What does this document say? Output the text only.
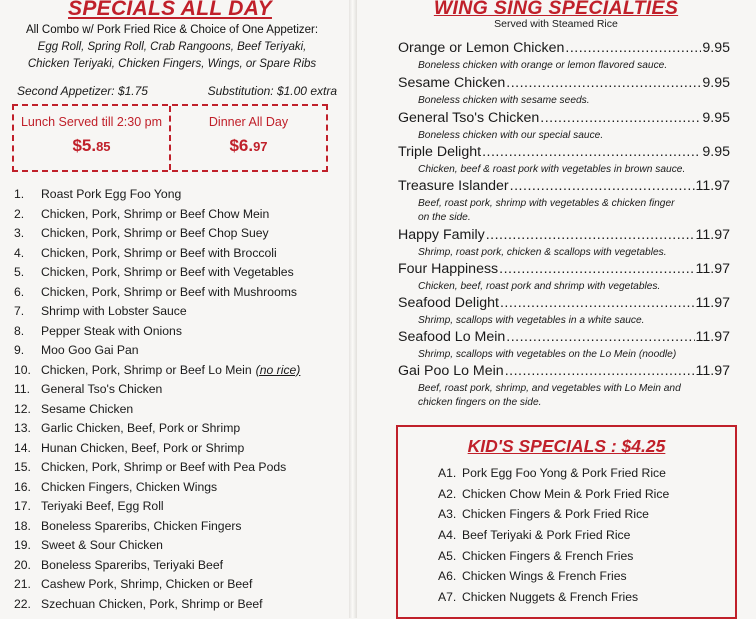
SPECIALS ALL DAY
All Combo w/ Pork Fried Rice & Choice of One Appetizer:
Egg Roll, Spring Roll, Crab Rangoons, Beef Teriyaki,
Chicken Teriyaki, Chicken Fingers, Wings, or Spare Ribs
Second Appetizer: $1.75	Substitution: $1.00 extra
Lunch Served till 2:30 pm
$5.85
Dinner All Day
$6.97
1.	Roast Pork Egg Foo Yong
2.	Chicken, Pork, Shrimp or Beef Chow Mein
3.	Chicken, Pork, Shrimp or Beef Chop Suey
4.	Chicken, Pork, Shrimp or Beef with Broccoli
5.	Chicken, Pork, Shrimp or Beef with Vegetables
6.	Chicken, Pork, Shrimp or Beef with Mushrooms
7.	Shrimp with Lobster Sauce
8.	Pepper Steak with Onions
9.	Moo Goo Gai Pan
10. Chicken, Pork, Shrimp or Beef Lo Mein (no rice)
11. General Tso's Chicken
12. Sesame Chicken
13. Garlic Chicken, Beef, Pork or Shrimp
14. Hunan Chicken, Beef, Pork or Shrimp
15. Chicken, Pork, Shrimp or Beef with Pea Pods
16. Chicken Fingers, Chicken Wings
17. Teriyaki Beef, Egg Roll
18. Boneless Spareribs, Chicken Fingers
19. Sweet & Sour Chicken
20. Boneless Spareribs, Teriyaki Beef
21. Cashew Pork, Shrimp, Chicken or Beef
22. Szechuan Chicken, Pork, Shrimp or Beef
WING SING SPECIALTIES
Served with Steamed Rice
Orange or Lemon Chicken .....	9.95
Boneless chicken with orange or lemon flavored sauce.
Sesame Chicken .....	9.95
Boneless chicken with sesame seeds.
General Tso's Chicken .....	9.95
Boneless chicken with our special sauce.
Triple Delight .....	9.95
Chicken, beef & roast pork with vegetables in brown sauce.
Treasure Islander .....	11.97
Beef, roast pork, shrimp with vegetables & chicken finger
on the side.
Happy Family .....	11.97
Shrimp, roast pork, chicken & scallops with vegetables.
Four Happiness .....	11.97
Chicken, beef, roast pork and shrimp with vegetables.
Seafood Delight .....	11.97
Shrimp, scallops with vegetables in a white sauce.
Seafood Lo Mein .....	11.97
Shrimp, scallops with vegetables on the Lo Mein (noodle)
Gai Poo Lo Mein .....	11.97
Beef, roast pork, shrimp, and vegetables with Lo Mein and
chicken fingers on the side.
KID'S SPECIALS : $4.25
A1. Pork Egg Foo Yong & Pork Fried Rice
A2. Chicken Chow Mein & Pork Fried Rice
A3. Chicken Fingers & Pork Fried Rice
A4. Beef Teriyaki & Pork Fried Rice
A5. Chicken Fingers & French Fries
A6. Chicken Wings & French Fries
A7. Chicken Nuggets & French Fries
